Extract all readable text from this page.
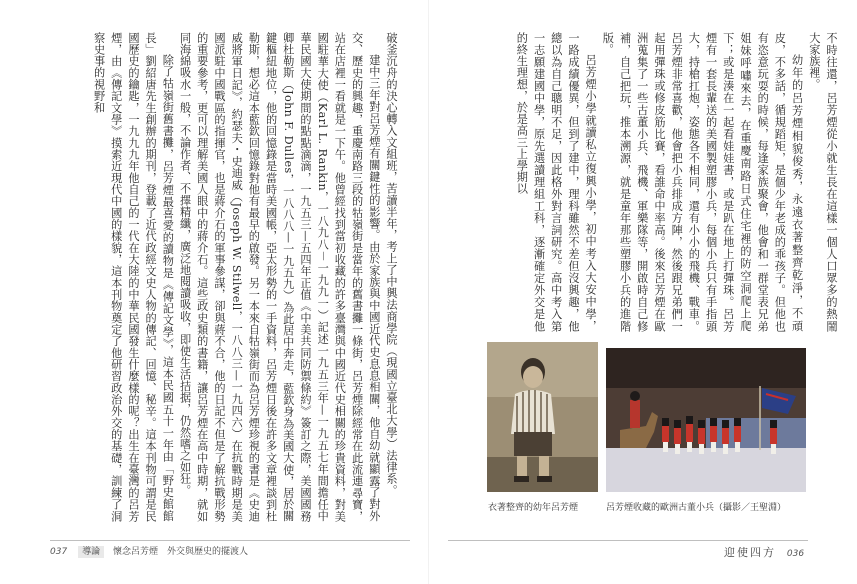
破釜沉舟的決心轉入文組班，苦讀半年，考上了中興法商學院（現國立臺北大學）法律系。

建中三年對呂芳煙有關鍵性的影響。由於家族與中國近代史息息相關，他自幼就顯露了對外交、歷史的興趣，重慶南路三段的牯嶺街是當年的舊書攤一條街，呂芳煙除經常在此流連尋寶，站在店裡一看就是一下午。他曾經找到當初收藏的許多臺灣與中國近代史相關的珍貴資料，對美國駐華大使（Karl L. Rankin，一八九八－一九九一）記述一九五三年—一九五七年間擔任中華民國大使期間的點點滴滴，一九五三—五四年正值《中美共同防禦條約》簽訂之際，美國國務卿杜勒斯（John F. Dulles，一八八八—一九五九）為此居中奔走，藍欽身為美國大使，居於關鍵樞紐地位，他的回憶錄是當時美國帳，亞太形勢的一手資料，呂芳煙日後在許多文章裡談到杜勒斯，想必這本藍欽回憶錄對他有最早的啟發。另一本來自牯嶺街而為呂芳煙珍視的書是《史迪威將軍日記》，約瑟夫・史迪威（Joseph W. Stilwell，一八八三—一九四六）在抗戰時期是美國派駐中國戰區的指揮官，也是蔣介石的軍事參謀，卻與蔣不合，他的日記不但是了解抗戰形勢的重要參考，更可以理解美國人眼中的蔣介石。這些政史類的書籍，讓呂芳煙在高中時期，就如同海綿吸水一般，不論作者、不擇精纖，廣泛地閱讀吸收，即使生活拮据，仍然嗜之如狂。

除了牯嶺街舊書攤，呂芳煙最喜愛的讀物是《傳記文學》，這本民國五十一年由「野史館館長」劉紹唐先生創辦的期刊，登載了近代政經文史人物的傳記、回憶、秘辛。這本刊物可謂是民國歷史的鑰匙，一九九九年他自己的一代在大陸的中華民國發生什麼樣的呢？出生在臺灣的呂芳煙，由《傳記文學》摸索近現代中國的樣貌，這本刊物奠定了他研習政治外交的基礎，訓練了洞察史事的視野和

037 導論 懷念呂芳煙　外交與歷史的擺渡人

不時往還，呂芳煙從小就生長在這樣一個人口眾多的熱鬧大家族裡。

幼年的呂芳煙相貌俊秀，永遠衣著整齊乾淨，不頑皮，不多話，循規蹈矩，是個少年老成的乖孩子。但他也有恣意玩耍的時候，每逢家族聚會，他會和一群堂表兄弟姐妹呼嘯來去，在重慶南路日式住宅裡的防空洞爬上爬下；或是湊在一起看娃娃書，或是趴在地上打彈珠。呂芳煙有一套長輩送的美國製塑膠小兵，每個小兵只有手指頭大，持槍扛炮，姿態各不相同，還有小小的飛機、戰車。呂芳煙非常喜歡，他會把小兵排成方陣，然後跟兄弟們一起用彈珠或修皮筋比賽，看誰命中率高。後來呂芳煙在歐洲蒐集了一些古董小兵、飛機、軍樂隊等，開啟時自己修補，自己把玩，推本溯源，就是童年那些塑膠小兵的進階版。

呂芳煙小學就讀私立復興小學，初中考入大安中學，一路成績優異，但到了建中，理科雖然不差但沒興趣，他總以為自己聰明不足，因此格外對言詞研究。高中考入第一志願建國中學，原先選讀理組工科，逐漸確定外交是他的終生理想，於是高三上學期以

衣著整齊的幼年呂芳煙	呂芳煙收藏的歐洲古董小兵（攝影／王聖淵）
迎使四方 036
